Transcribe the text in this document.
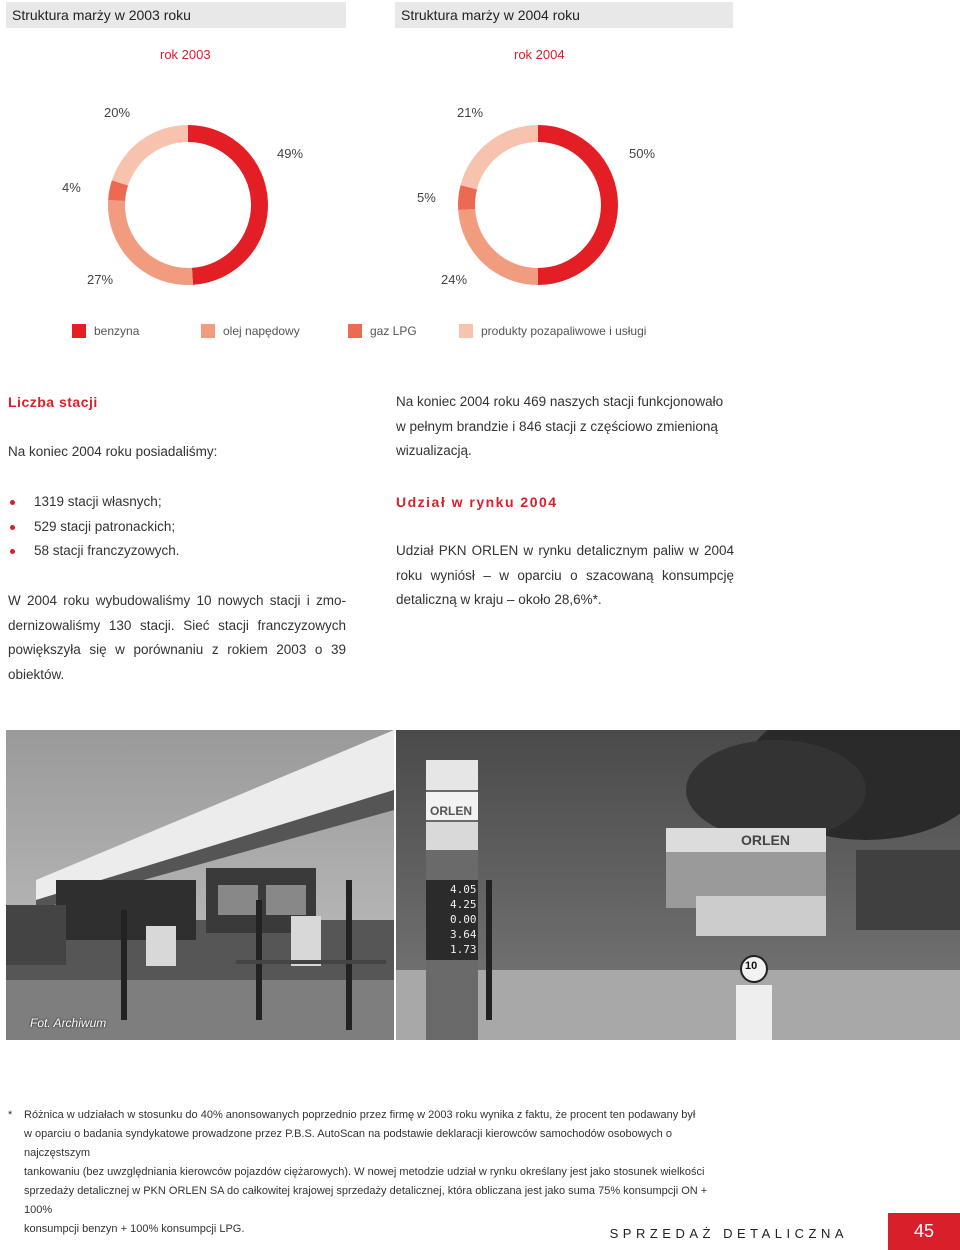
Struktura marży w 2003 roku	Struktura marży w 2004 roku
rok 2003	rok 2004
20%
49%
4%
27%
21%
50%
5%
24%
benzyna	olej napędowy	gaz LPG	produkty pozapaliwowe i usługi
Liczba stacji
Na koniec 2004 roku posiadaliśmy:
1319 stacji własnych;
529 stacji patronackich;
58 stacji franczyzowych.
W 2004 roku wybudowaliśmy 10 nowych stacji i zmo-
dernizowaliśmy 130 stacji. Sieć stacji franczyzowych
powiększyła się w porównaniu z rokiem 2003 o 39
obiektów.
Na koniec 2004 roku 469 naszych stacji funkcjonowało
w pełnym brandzie i 846 stacji z częściowo zmienioną
wizualizacją.
Udział w rynku 2004
Udział PKN ORLEN w rynku detalicznym paliw w 2004
roku wyniósł – w oparciu o szacowaną konsumpcję
detaliczną w kraju – około 28,6%*.
Fot. Archiwum
ORLEN
ORLEN
4.05
4.25
0.00
3.64
1.73
10
* Różnica w udziałach w stosunku do 40% anonsowanych poprzednio przez firmę w 2003 roku wynika z faktu, że procent ten podawany był
w oparciu o badania syndykatowe prowadzone przez P.B.S. AutoScan na podstawie deklaracji kierowców samochodów osobowych o najczęstszym
tankowaniu (bez uwzględniania kierowców pojazdów ciężarowych). W nowej metodzie udział w rynku określany jest jako stosunek wielkości
sprzedaży detalicznej w PKN ORLEN SA do całkowitej krajowej sprzedaży detalicznej, która obliczana jest jako suma 75% konsumpcji ON + 100%
konsumpcji benzyn + 100% konsumpcji LPG.	SPRZEDAŻ DETALICZNA	45
